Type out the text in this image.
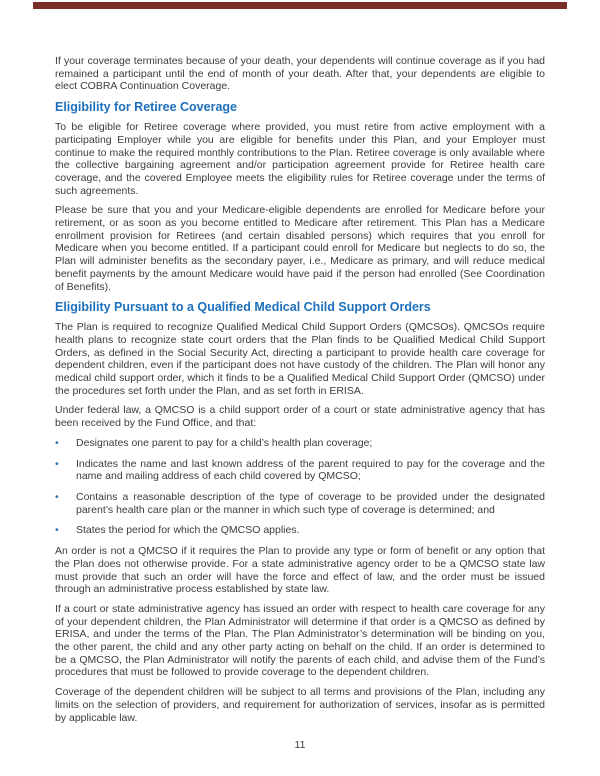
If your coverage terminates because of your death, your dependents will continue coverage as if you had remained a participant until the end of month of your death. After that, your dependents are eligible to elect COBRA Continuation Coverage.

Eligibility for Retiree Coverage

To be eligible for Retiree coverage where provided, you must retire from active employment with a participating Employer while you are eligible for benefits under this Plan, and your Employer must continue to make the required monthly contributions to the Plan. Retiree coverage is only available where the collective bargaining agreement and/or participation agreement provide for Retiree health care coverage, and the covered Employee meets the eligibility rules for Retiree coverage under the terms of such agreements.

Please be sure that you and your Medicare-eligible dependents are enrolled for Medicare before your retirement, or as soon as you become entitled to Medicare after retirement. This Plan has a Medicare enrollment provision for Retirees (and certain disabled persons) which requires that you enroll for Medicare when you become entitled. If a participant could enroll for Medicare but neglects to do so, the Plan will administer benefits as the secondary payer, i.e., Medicare as primary, and will reduce medical benefit payments by the amount Medicare would have paid if the person had enrolled (See Coordination of Benefits).

Eligibility Pursuant to a Qualified Medical Child Support Orders

The Plan is required to recognize Qualified Medical Child Support Orders (QMCSOs). QMCSOs require health plans to recognize state court orders that the Plan finds to be Qualified Medical Child Support Orders, as defined in the Social Security Act, directing a participant to provide health care coverage for dependent children, even if the participant does not have custody of the children. The Plan will honor any medical child support order, which it finds to be a Qualified Medical Child Support Order (QMCSO) under the procedures set forth under the Plan, and as set forth in ERISA.

Under federal law, a QMCSO is a child support order of a court or state administrative agency that has been received by the Fund Office, and that:

•	Designates one parent to pay for a child’s health plan coverage;
•	Indicates the name and last known address of the parent required to pay for the coverage and the name and mailing address of each child covered by QMCSO;
•	Contains a reasonable description of the type of coverage to be provided under the designated parent’s health care plan or the manner in which such type of coverage is determined; and
•	States the period for which the QMCSO applies.

An order is not a QMCSO if it requires the Plan to provide any type or form of benefit or any option that the Plan does not otherwise provide. For a state administrative agency order to be a QMCSO state law must provide that such an order will have the force and effect of law, and the order must be issued through an administrative process established by state law.

If a court or state administrative agency has issued an order with respect to health care coverage for any of your dependent children, the Plan Administrator will determine if that order is a QMCSO as defined by ERISA, and under the terms of the Plan. The Plan Administrator’s determination will be binding on you, the other parent, the child and any other party acting on behalf on the child. If an order is determined to be a QMCSO, the Plan Administrator will notify the parents of each child, and advise them of the Fund’s procedures that must be followed to provide coverage to the dependent children.

Coverage of the dependent children will be subject to all terms and provisions of the Plan, including any limits on the selection of providers, and requirement for authorization of services, insofar as is permitted by applicable law.

11
